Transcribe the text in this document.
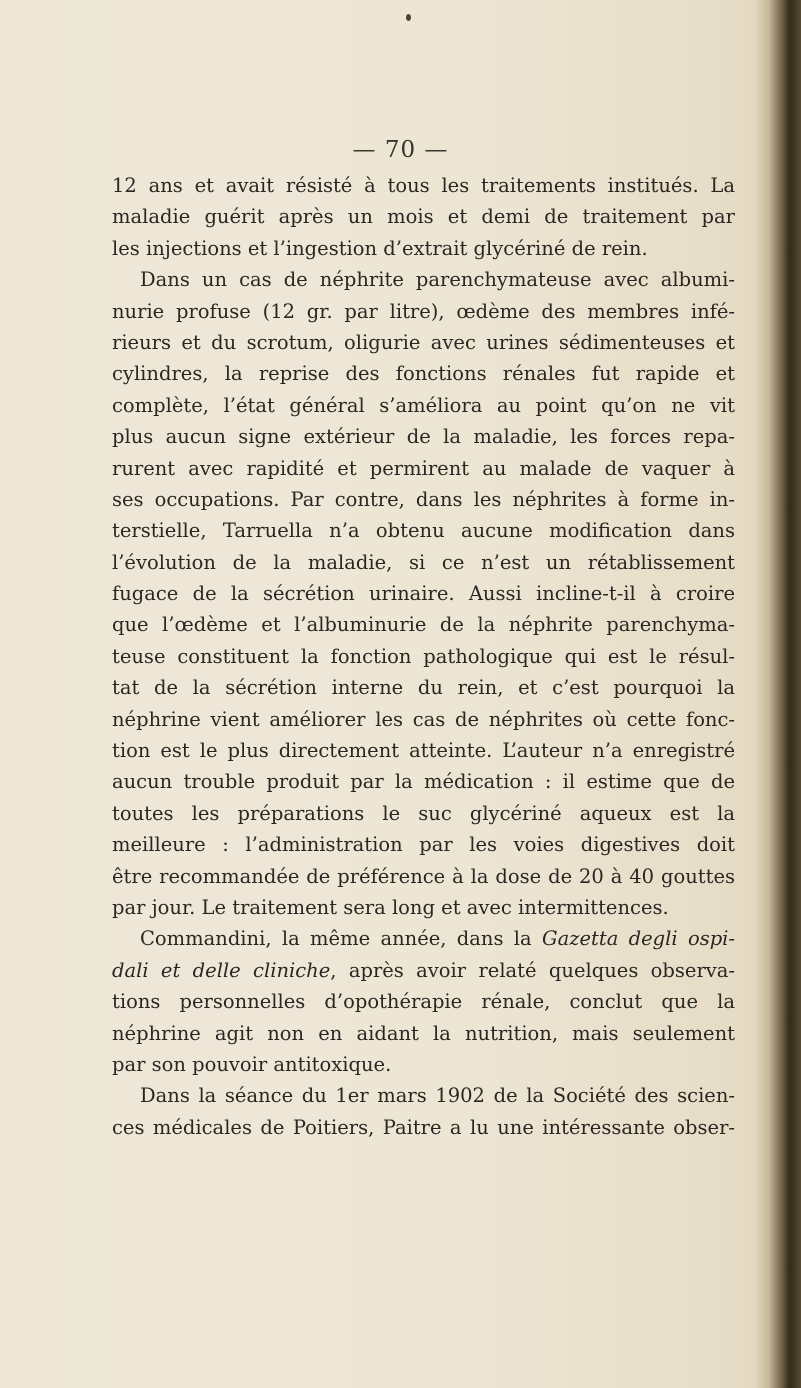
— 70 —
12 ans et avait résisté à tous les traitements institués. La
maladie guérit après un mois et demi de traitement par
les injections et l’ingestion d’extrait glycériné de rein.
Dans un cas de néphrite parenchymateuse avec albumi-
nurie profuse (12 gr. par litre), œdème des membres infé-
rieurs et du scrotum, oligurie avec urines sédimenteuses et
cylindres, la reprise des fonctions rénales fut rapide et
complète, l’état général s’améliora au point qu’on ne vit
plus aucun signe extérieur de la maladie, les forces repa-
rurent avec rapidité et permirent au malade de vaquer à
ses occupations. Par contre, dans les néphrites à forme in-
terstielle, Tarruella n’a obtenu aucune modification dans
l’évolution de la maladie, si ce n’est un rétablissement
fugace de la sécrétion urinaire. Aussi incline-t-il à croire
que l’œdème et l’albuminurie de la néphrite parenchyma-
teuse constituent la fonction pathologique qui est le résul-
tat de la sécrétion interne du rein, et c’est pourquoi la
néphrine vient améliorer les cas de néphrites où cette fonc-
tion est le plus directement atteinte. L’auteur n’a enregistré
aucun trouble produit par la médication : il estime que de
toutes les préparations le suc glycériné aqueux est la
meilleure : l’administration par les voies digestives doit
être recommandée de préférence à la dose de 20 à 40 gouttes
par jour. Le traitement sera long et avec intermittences.
Commandini, la même année, dans la Gazetta degli ospi-
dali et delle cliniche, après avoir relaté quelques observa-
tions personnelles d’opothérapie rénale, conclut que la
néphrine agit non en aidant la nutrition, mais seulement
par son pouvoir antitoxique.
Dans la séance du 1er mars 1902 de la Société des scien-
ces médicales de Poitiers, Paitre a lu une intéressante obser-
